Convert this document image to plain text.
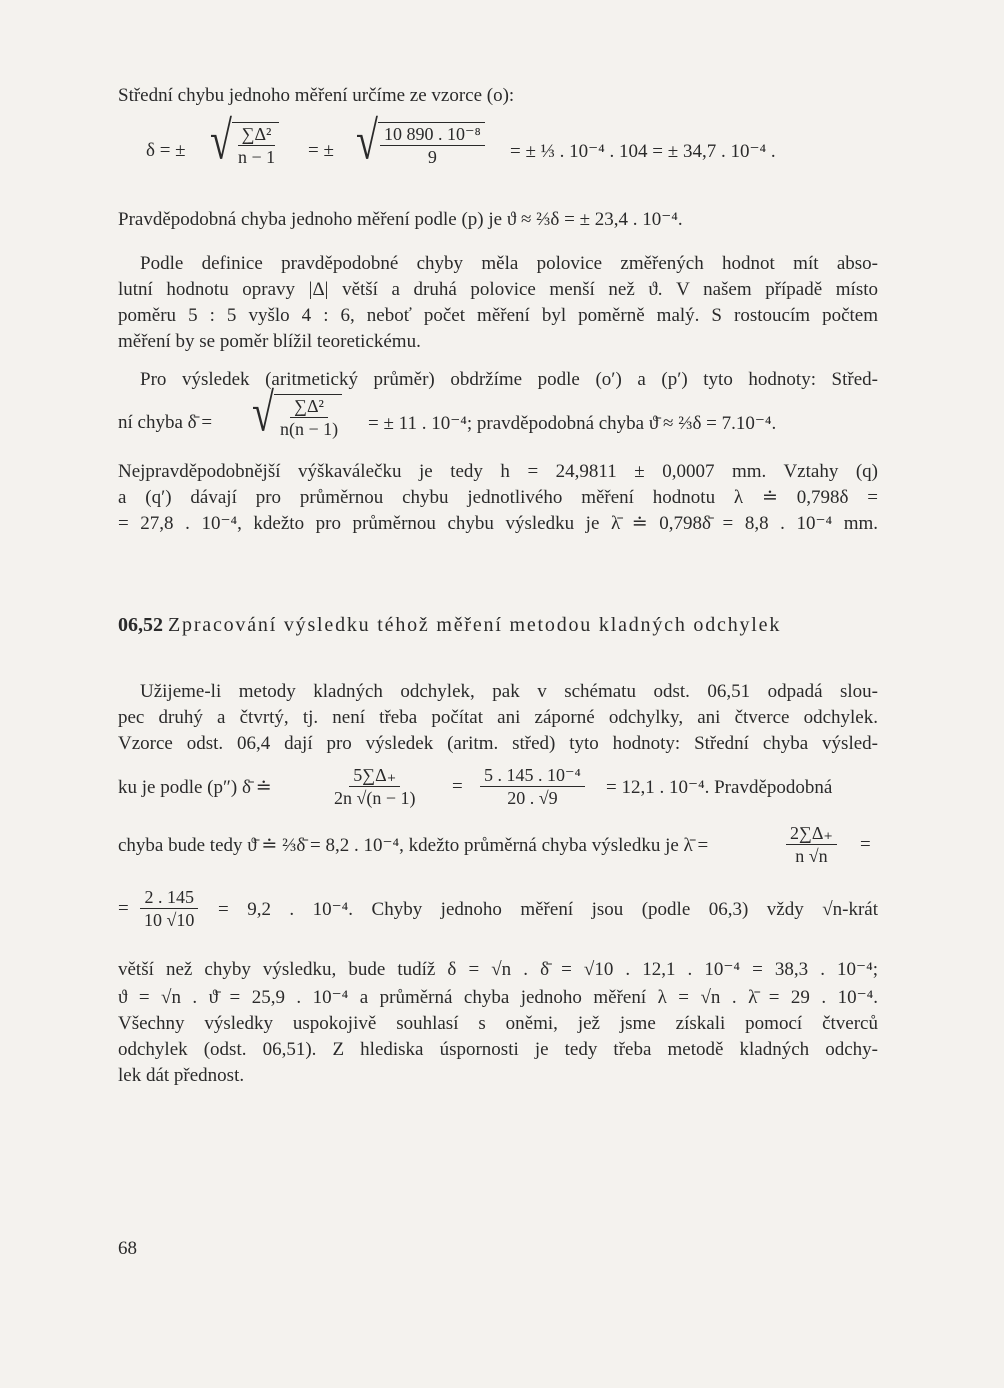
Střední chybu jednoho měření určíme ze vzorce (o):
δ = ± √ $\frac{\text{∑Δ²}}{n - 1}$ = ± √ $\frac{\text{10 890 . 10⁻⁸}}{9}$ = ± ⅓ . 10⁻⁴ . 104 = ± 34,7 . 10⁻⁴ .
Pravděpodobná chyba jednoho měření podle (p) je ϑ ≈ ⅔δ = ± 23,4 . 10⁻⁴.
Podle definice pravděpodobné chyby měla polovice změřených hodnot mít abso-
lutní hodnotu opravy |Δ| větší a druhá polovice menší než ϑ. V našem případě místo
poměru 5 : 5 vyšlo 4 : 6, neboť počet měření byl poměrně malý. S rostoucím počtem
měření by se poměr blížil teoretickému.
Pro výsledek (aritmetický průměr) obdržíme podle (o′) a (p′) tyto hodnoty: Střed-
ní chyba δ̄ = √ $\frac{\text{∑Δ²}}{n(n - 1)}$ = ± 11 . 10⁻⁴; pravděpodobná chyba ϑ̄ ≈ ⅔δ = 7.10⁻⁴.
Nejpravděpodobnější výškaválečku je tedy h = 24,9811 ± 0,0007 mm. Vztahy (q)
a (q′) dávají pro průměrnou chybu jednotlivého měření hodnotu λ ≐ 0,798δ =
= 27,8 . 10⁻⁴, kdežto pro průměrnou chybu výsledku je λ̄ ≐ 0,798δ̄ = 8,8 . 10⁻⁴ mm.
06,52 Zpracování výsledku téhož měření metodou kladných odchylek
Užijeme-li metody kladných odchylek, pak v schématu odst. 06,51 odpadá slou-
pec druhý a čtvrtý, tj. není třeba počítat ani záporné odchylky, ani čtverce odchylek.
Vzorce odst. 06,4 dají pro výsledek (aritm. střed) tyto hodnoty: Střední chyba výsled-
ku je podle (p″) δ̄ ≐	$\frac{5\sum\Delta_+}{2n √(n - 1)} = \frac{\text{5 . 145 . 10⁻⁴}}{20 . √9} = 12,1$ . 10⁻⁴. Pravděpodobná
chyba bude tedy ϑ̄ ≐ ⅔δ̄ = 8,2 . 10⁻⁴, kdežto průměrná chyba výsledku je λ̄ =	$\frac{2\sum\Delta_+}{n √n}$ =
= $\frac{2 . 145}{10 √10} = 9,2$ . 10⁻⁴. Chyby jednoho měření jsou (podle 06,3) vždy √n-krát
větší než chyby výsledku, bude tudíž δ = √n . δ̄ = √10 . 12,1 . 10⁻⁴ = 38,3 . 10⁻⁴;
ϑ = √n . ϑ̄ = 25,9 . 10⁻⁴ a průměrná chyba jednoho měření λ = √n . λ̄ = 29 . 10⁻⁴.
Všechny výsledky uspokojivě souhlasí s oněmi, jež jsme získali pomocí čtverců
odchylek (odst. 06,51). Z hlediska úspornosti je tedy třeba metodě kladných odchy-
lek dát přednost.
68
